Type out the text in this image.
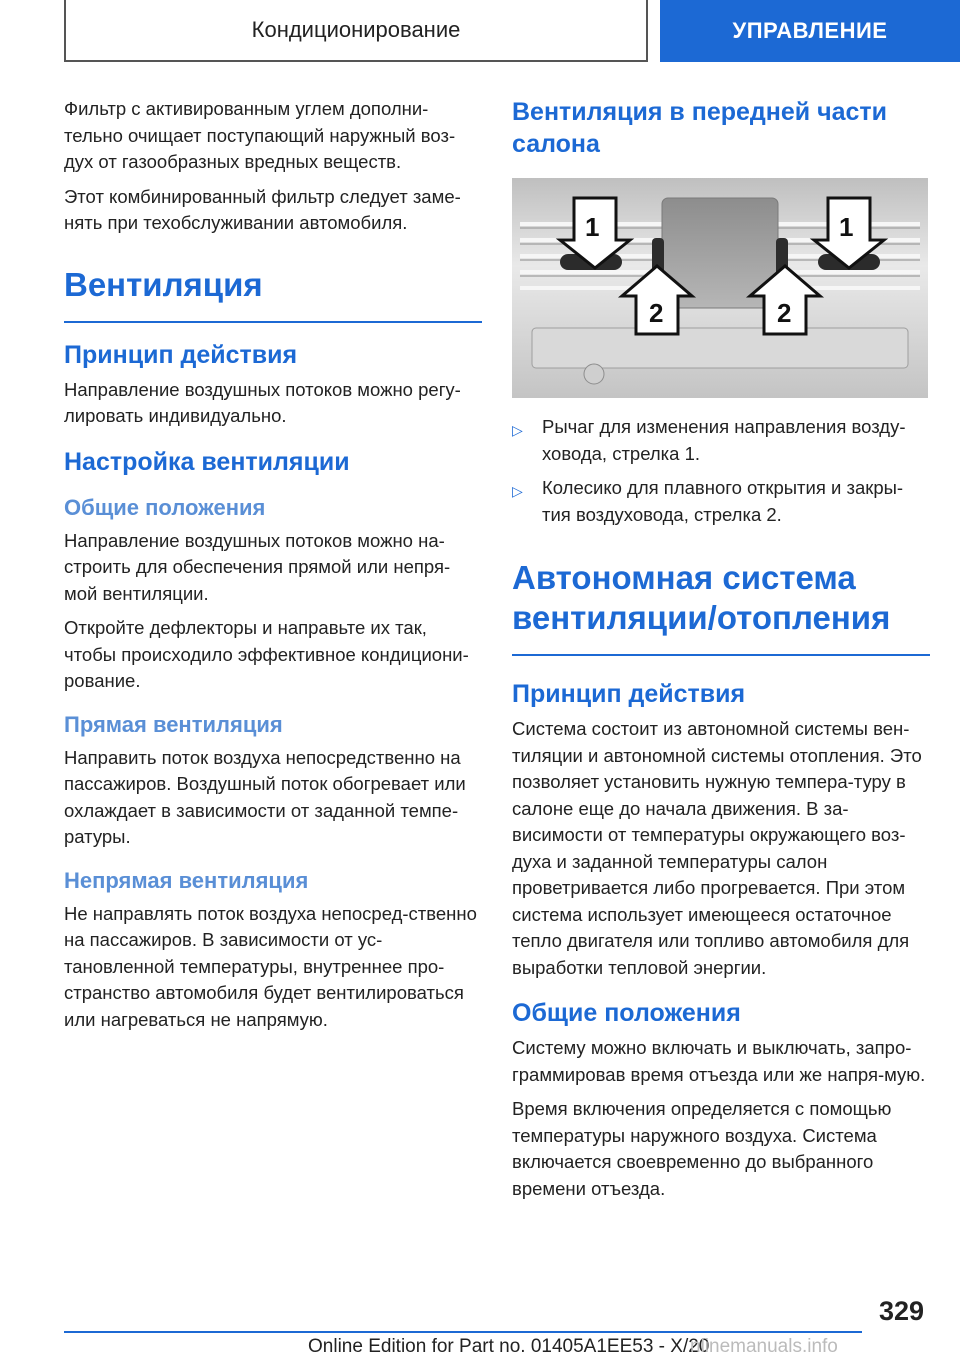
Кондиционирование	УПРАВЛЕНИЕ

Фильтр с активированным углем дополни-тельно очищает поступающий наружный воз-дух от газообразных вредных веществ.

Этот комбинированный фильтр следует заме-нять при техобслуживании автомобиля.

Вентиляция
Принцип действия

Направление воздушных потоков можно регу-лировать индивидуально.

Настройка вентиляции
Общие положения

Направление воздушных потоков можно на-строить для обеспечения прямой или непря-мой вентиляции.

Откройте дефлекторы и направьте их так, чтобы происходило эффективное кондициони-рование.

Прямая вентиляция

Направить поток воздуха непосредственно на пассажиров. Воздушный поток обогревает или охлаждает в зависимости от заданной темпе-ратуры.

Непрямая вентиляция

Не направлять поток воздуха непосред-ственно на пассажиров. В зависимости от ус-тановленной температуры, внутреннее про-странство автомобиля будет вентилироваться или нагреваться не напрямую.

Вентиляция в передней части салона
1	1
2	2
▷ Рычаг для изменения направления возду-ховода, стрелка 1.
▷ Колесико для плавного открытия и закры-тия воздуховода, стрелка 2.
Автономная система вентиляции/отопления
Принцип действия

Система состоит из автономной системы вен-тиляции и автономной системы отопления. Это позволяет установить нужную темпера-туру в салоне еще до начала движения. В за-висимости от температуры окружающего воз-духа и заданной температуры салон проветривается либо прогревается. При этом система использует имеющееся остаточное тепло двигателя или топливо автомобиля для выработки тепловой энергии.

Общие положения

Систему можно включать и выключать, запро-граммировав время отъезда или же напря-мую.

Время включения определяется с помощью температуры наружного воздуха. Система включается своевременно до выбранного времени отъезда.

329
Online Edition for Part no. 01405A1EE53 - X/20
nlinemanuals.info
